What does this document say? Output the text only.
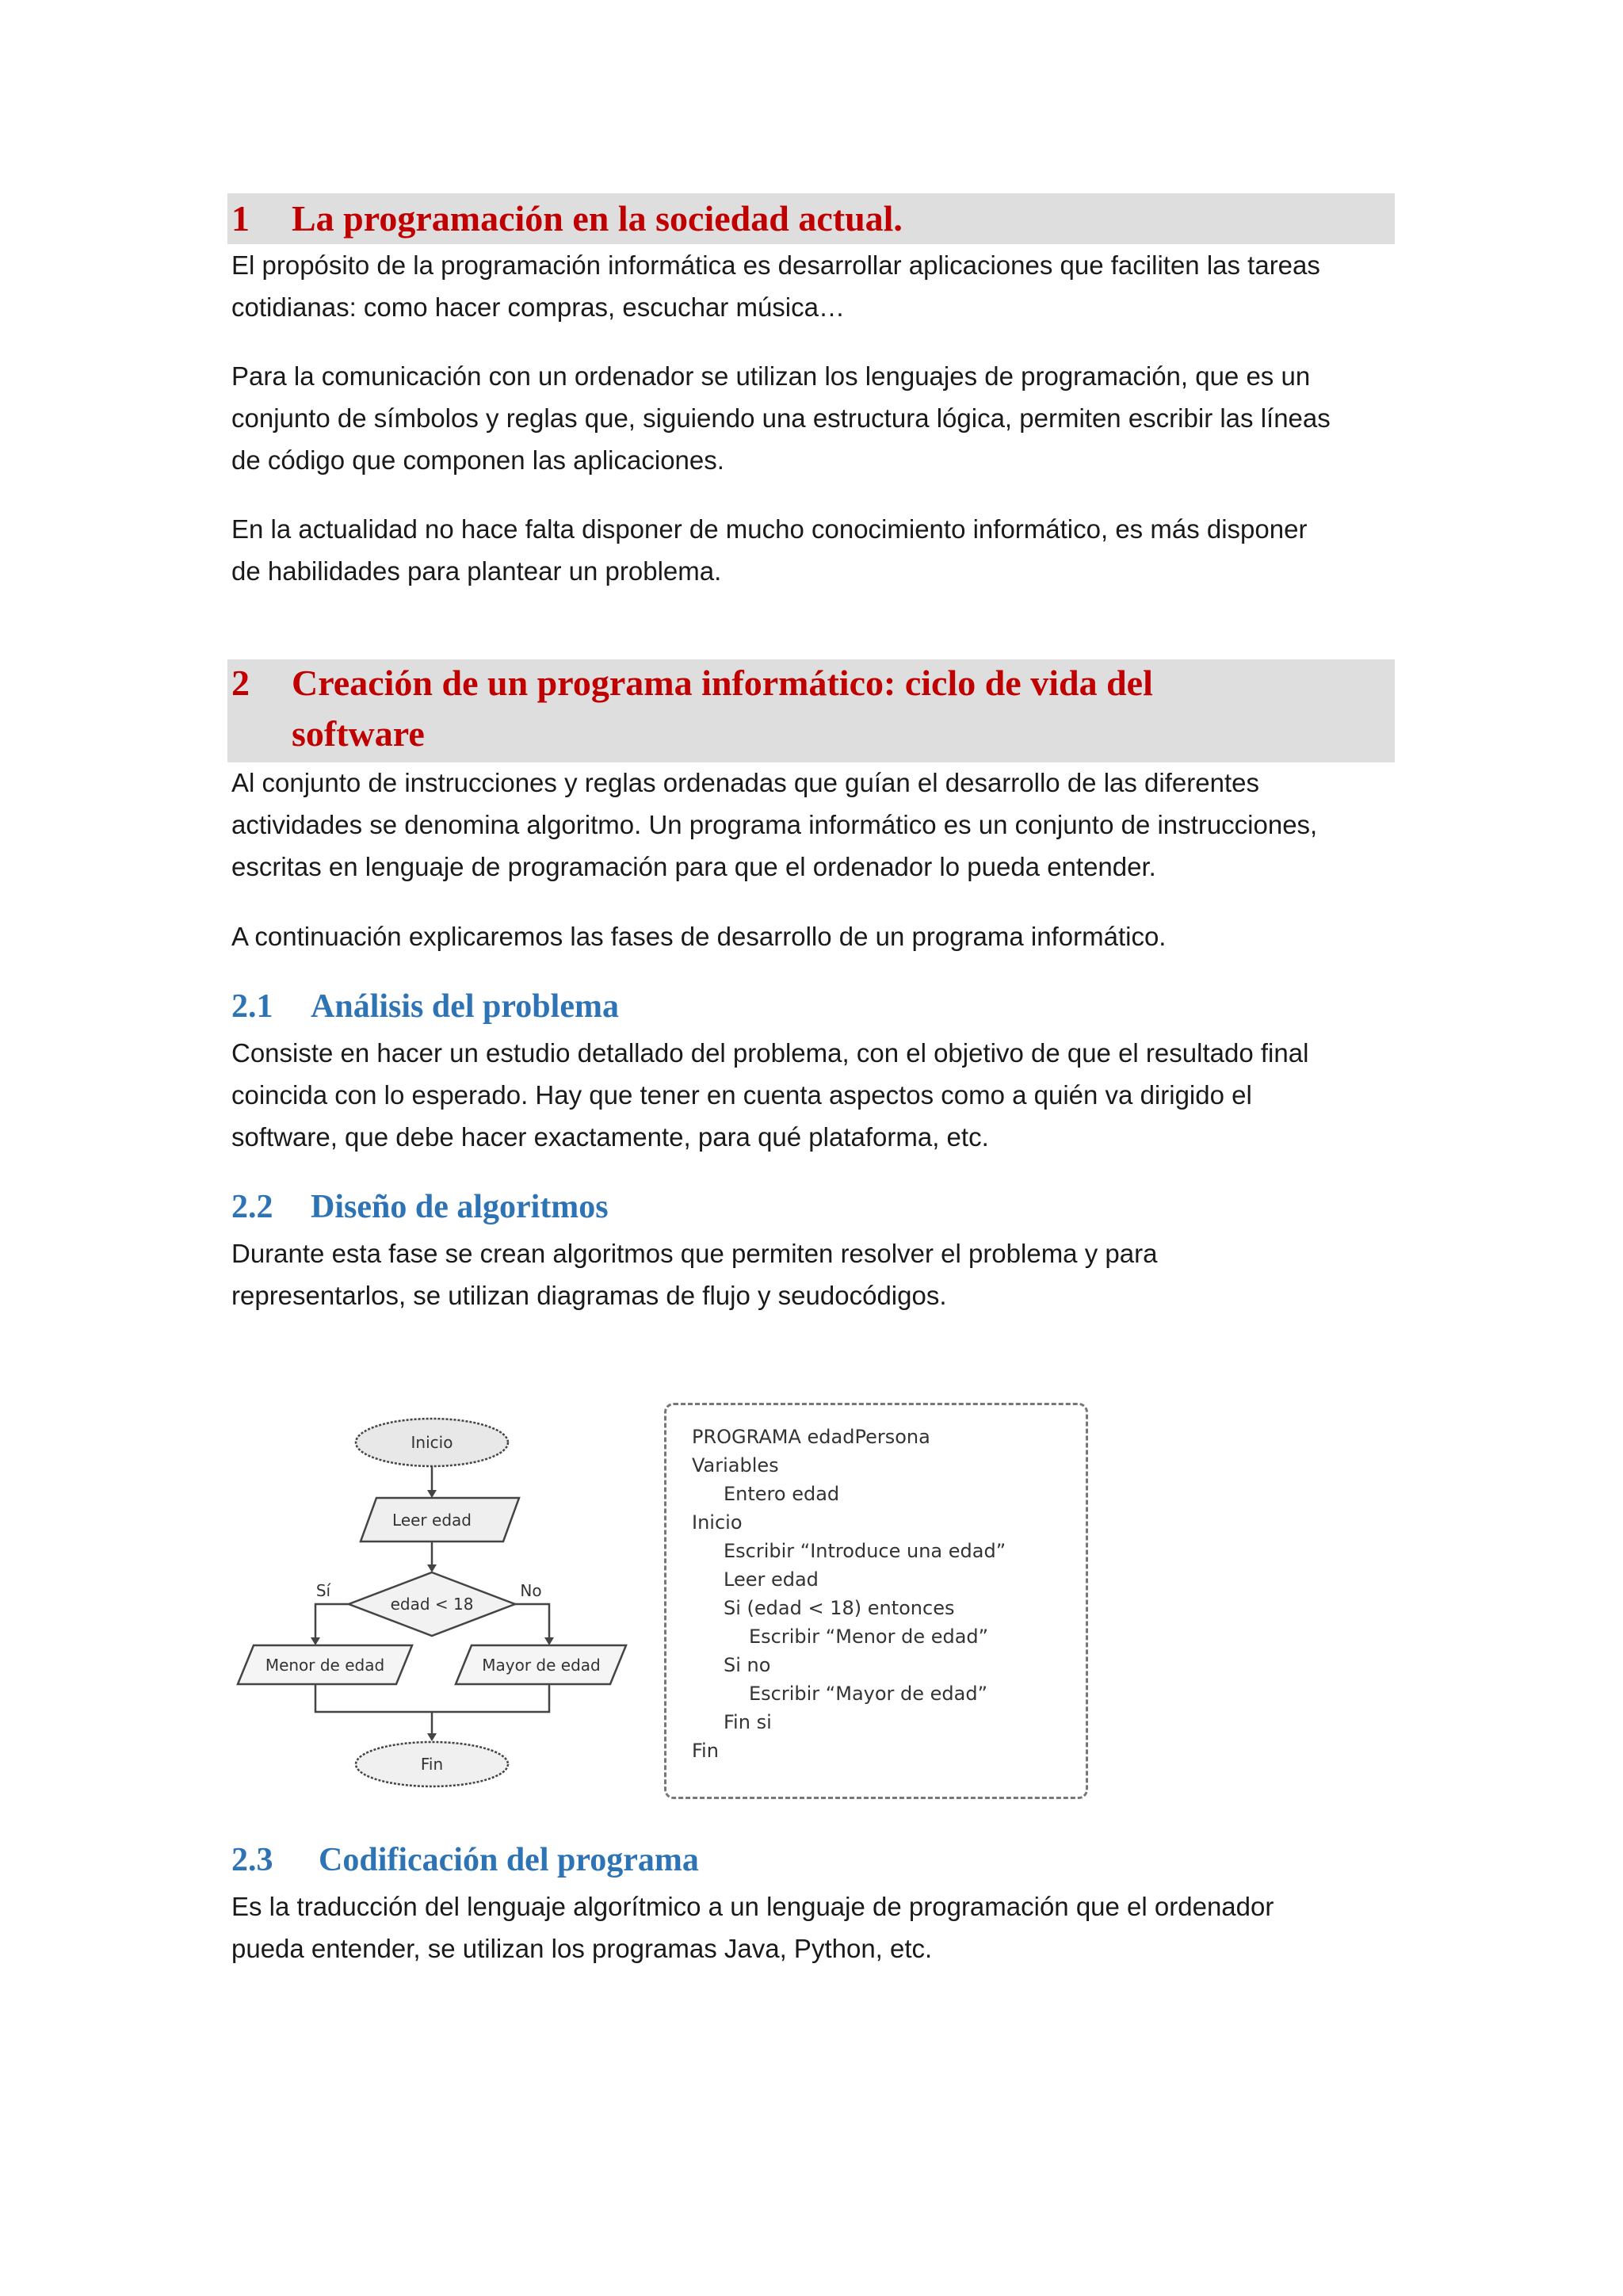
1 La programación en la sociedad actual.
El propósito de la programación informática es desarrollar aplicaciones que faciliten las tareas
cotidianas: como hacer compras, escuchar música…
Para la comunicación con un ordenador se utilizan los lenguajes de programación, que es un
conjunto de símbolos y reglas que, siguiendo una estructura lógica, permiten escribir las líneas
de código que componen las aplicaciones.
En la actualidad no hace falta disponer de mucho conocimiento informático, es más disponer
de habilidades para plantear un problema.
2 Creación de un programa informático: ciclo de vida del
software
Al conjunto de instrucciones y reglas ordenadas que guían el desarrollo de las diferentes
actividades se denomina algoritmo. Un programa informático es un conjunto de instrucciones,
escritas en lenguaje de programación para que el ordenador lo pueda entender.
A continuación explicaremos las fases de desarrollo de un programa informático.
2.1 Análisis del problema
Consiste en hacer un estudio detallado del problema, con el objetivo de que el resultado final
coincida con lo esperado. Hay que tener en cuenta aspectos como a quién va dirigido el
software, que debe hacer exactamente, para qué plataforma, etc.
2.2 Diseño de algoritmos
Durante esta fase se crean algoritmos que permiten resolver el problema y para
representarlos, se utilizan diagramas de flujo y seudocódigos.
Inicio
Leer edad
edad < 18
Sí	No
Menor de edad	Mayor de edad
Fin
PROGRAMA edadPersona
Variables
Entero edad
Inicio
Escribir “Introduce una edad”
Leer edad
Si (edad < 18) entonces
Escribir “Menor de edad”
Si no
Escribir “Mayor de edad”
Fin si
Fin
2.3 Codificación del programa
Es la traducción del lenguaje algorítmico a un lenguaje de programación que el ordenador
pueda entender, se utilizan los programas Java, Python, etc.
